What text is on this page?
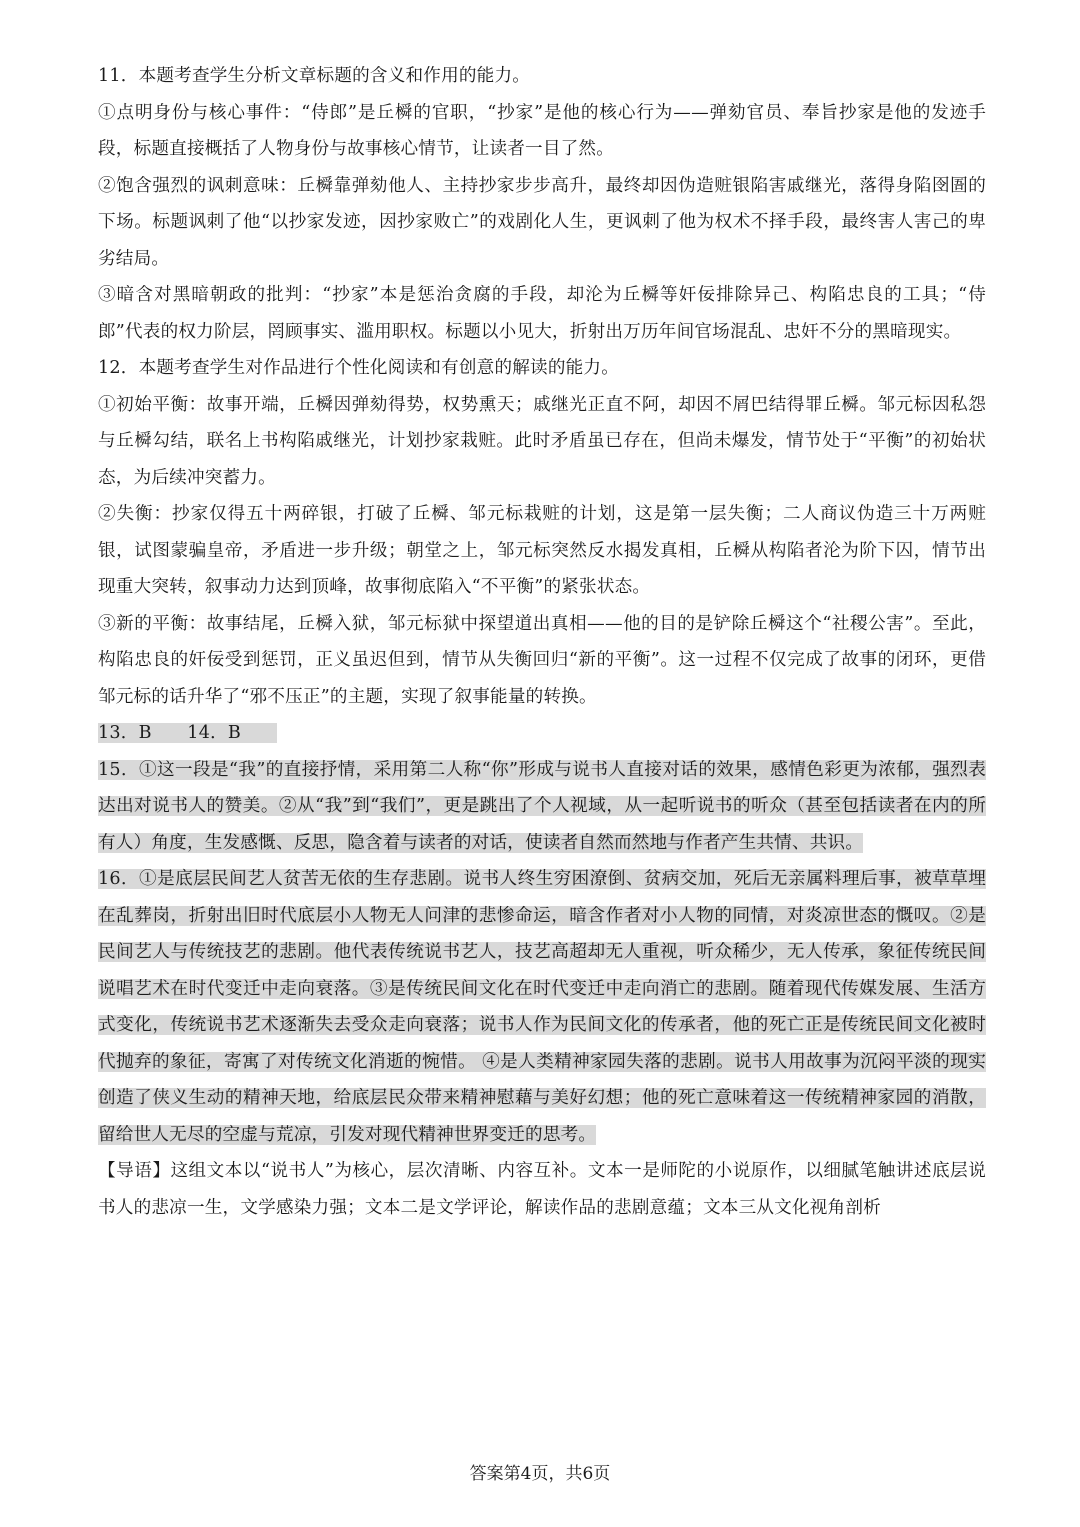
11．本题考查学生分析文章标题的含义和作用的能力。

①点明身份与核心事件：“侍郎”是丘橓的官职，“抄家”是他的核心行为——弹劾官员、奉旨抄家是他的发迹手段，标题直接概括了人物身份与故事核心情节，让读者一目了然。

②饱含强烈的讽刺意味：丘橓靠弹劾他人、主持抄家步步高升，最终却因伪造赃银陷害戚继光，落得身陷囹圄的下场。标题讽刺了他“以抄家发迹，因抄家败亡”的戏剧化人生，更讽刺了他为权术不择手段，最终害人害己的卑劣结局。

③暗含对黑暗朝政的批判：“抄家”本是惩治贪腐的手段，却沦为丘橓等奸佞排除异己、构陷忠良的工具；“侍郎”代表的权力阶层，罔顾事实、滥用职权。标题以小见大，折射出万历年间官场混乱、忠奸不分的黑暗现实。

12．本题考查学生对作品进行个性化阅读和有创意的解读的能力。

①初始平衡：故事开端，丘橓因弹劾得势，权势熏天；戚继光正直不阿，却因不屑巴结得罪丘橓。邹元标因私怨与丘橓勾结，联名上书构陷戚继光，计划抄家栽赃。此时矛盾虽已存在，但尚未爆发，情节处于“平衡”的初始状态，为后续冲突蓄力。

②失衡：抄家仅得五十两碎银，打破了丘橓、邹元标栽赃的计划，这是第一层失衡；二人商议伪造三十万两赃银，试图蒙骗皇帝，矛盾进一步升级；朝堂之上，邹元标突然反水揭发真相，丘橓从构陷者沦为阶下囚，情节出现重大突转，叙事动力达到顶峰，故事彻底陷入“不平衡”的紧张状态。

③新的平衡：故事结尾，丘橓入狱，邹元标狱中探望道出真相——他的目的是铲除丘橓这个“社稷公害”。至此，构陷忠良的奸佞受到惩罚，正义虽迟但到，情节从失衡回归“新的平衡”。这一过程不仅完成了故事的闭环，更借邹元标的话升华了“邪不压正”的主题，实现了叙事能量的转换。

13．B　　14．B　　

15．①这一段是“我”的直接抒情，采用第二人称“你”形成与说书人直接对话的效果，感情色彩更为浓郁，强烈表达出对说书人的赞美。②从“我”到“我们”，更是跳出了个人视域，从一起听说书的听众（甚至包括读者在内的所有人）角度，生发感慨、反思，隐含着与读者的对话，使读者自然而然地与作者产生共情、共识。

16．①是底层民间艺人贫苦无依的生存悲剧。说书人终生穷困潦倒、贫病交加，死后无亲属料理后事，被草草埋在乱葬岗，折射出旧时代底层小人物无人问津的悲惨命运，暗含作者对小人物的同情，对炎凉世态的慨叹。②是民间艺人与传统技艺的悲剧。他代表传统说书艺人，技艺高超却无人重视，听众稀少，无人传承，象征传统民间说唱艺术在时代变迁中走向衰落。③是传统民间文化在时代变迁中走向消亡的悲剧。随着现代传媒发展、生活方式变化，传统说书艺术逐渐失去受众走向衰落；说书人作为民间文化的传承者，他的死亡正是传统民间文化被时代抛弃的象征，寄寓了对传统文化消逝的惋惜。 ④是人类精神家园失落的悲剧。说书人用故事为沉闷平淡的现实创造了侠义生动的精神天地，给底层民众带来精神慰藉与美好幻想；他的死亡意味着这一传统精神家园的消散，留给世人无尽的空虚与荒凉，引发对现代精神世界变迁的思考。

【导语】这组文本以“说书人”为核心，层次清晰、内容互补。文本一是师陀的小说原作，以细腻笔触讲述底层说书人的悲凉一生，文学感染力强；文本二是文学评论，解读作品的悲剧意蕴；文本三从文化视角剖析

答案第4页，共6页
